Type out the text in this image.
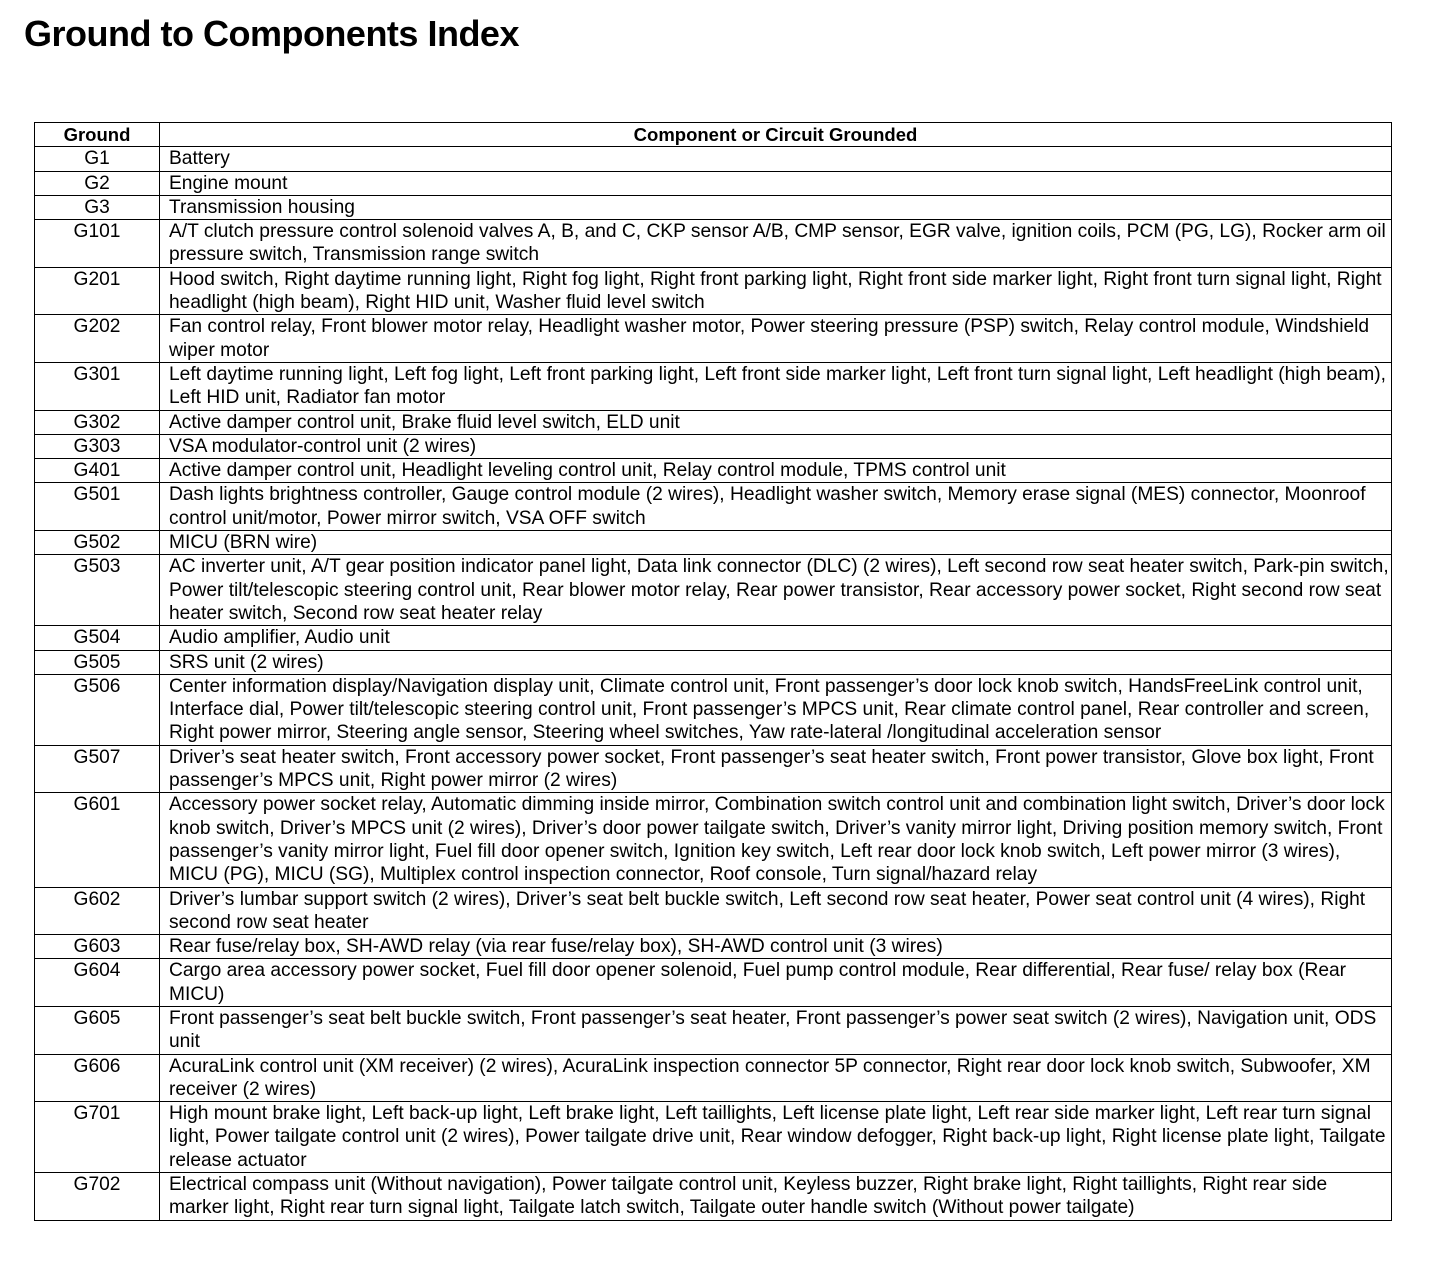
Ground to Components Index
Ground	Component or Circuit Grounded
G1	Battery
G2	Engine mount
G3	Transmission housing
G101	A/T clutch pressure control solenoid valves A, B, and C, CKP sensor A/B, CMP sensor, EGR valve, ignition coils, PCM (PG, LG), Rocker arm oil pressure switch, Transmission range switch
G201	Hood switch, Right daytime running light, Right fog light, Right front parking light, Right front side marker light, Right front turn signal light, Right headlight (high beam), Right HID unit, Washer fluid level switch
G202	Fan control relay, Front blower motor relay, Headlight washer motor, Power steering pressure (PSP) switch, Relay control module, Windshield wiper motor
G301	Left daytime running light, Left fog light, Left front parking light, Left front side marker light, Left front turn signal light, Left headlight (high beam), Left HID unit, Radiator fan motor
G302	Active damper control unit, Brake fluid level switch, ELD unit
G303	VSA modulator-control unit (2 wires)
G401	Active damper control unit, Headlight leveling control unit, Relay control module, TPMS control unit
G501	Dash lights brightness controller, Gauge control module (2 wires), Headlight washer switch, Memory erase signal (MES) connector, Moonroof control unit/motor, Power mirror switch, VSA OFF switch
G502	MICU (BRN wire)
G503	AC inverter unit, A/T gear position indicator panel light, Data link connector (DLC) (2 wires), Left second row seat heater switch, Park-pin switch, Power tilt/telescopic steering control unit, Rear blower motor relay, Rear power transistor, Rear accessory power socket, Right second row seat heater switch, Second row seat heater relay
G504	Audio amplifier, Audio unit
G505	SRS unit (2 wires)
G506	Center information display/Navigation display unit, Climate control unit, Front passenger’s door lock knob switch, HandsFreeLink control unit, Interface dial, Power tilt/telescopic steering control unit, Front passenger’s MPCS unit, Rear climate control panel, Rear controller and screen, Right power mirror, Steering angle sensor, Steering wheel switches, Yaw rate-lateral /longitudinal acceleration sensor
G507	Driver’s seat heater switch, Front accessory power socket, Front passenger’s seat heater switch, Front power transistor, Glove box light, Front passenger’s MPCS unit, Right power mirror (2 wires)
G601	Accessory power socket relay, Automatic dimming inside mirror, Combination switch control unit and combination light switch, Driver’s door lock knob switch, Driver’s MPCS unit (2 wires), Driver’s door power tailgate switch, Driver’s vanity mirror light, Driving position memory switch, Front passenger’s vanity mirror light, Fuel fill door opener switch, Ignition key switch, Left rear door lock knob switch, Left power mirror (3 wires), MICU (PG), MICU (SG), Multiplex control inspection connector, Roof console, Turn signal/hazard relay
G602	Driver’s lumbar support switch (2 wires), Driver’s seat belt buckle switch, Left second row seat heater, Power seat control unit (4 wires), Right second row seat heater
G603	Rear fuse/relay box, SH-AWD relay (via rear fuse/relay box), SH-AWD control unit (3 wires)
G604	Cargo area accessory power socket, Fuel fill door opener solenoid, Fuel pump control module, Rear differential, Rear fuse/ relay box (Rear MICU)
G605	Front passenger’s seat belt buckle switch, Front passenger’s seat heater, Front passenger’s power seat switch (2 wires), Navigation unit, ODS unit
G606	AcuraLink control unit (XM receiver) (2 wires), AcuraLink inspection connector 5P connector, Right rear door lock knob switch, Subwoofer, XM receiver (2 wires)
G701	High mount brake light, Left back-up light, Left brake light, Left taillights, Left license plate light, Left rear side marker light, Left rear turn signal light, Power tailgate control unit (2 wires), Power tailgate drive unit, Rear window defogger, Right back-up light, Right license plate light, Tailgate release actuator
G702	Electrical compass unit (Without navigation), Power tailgate control unit, Keyless buzzer, Right brake light, Right taillights, Right rear side marker light, Right rear turn signal light, Tailgate latch switch, Tailgate outer handle switch (Without power tailgate)
